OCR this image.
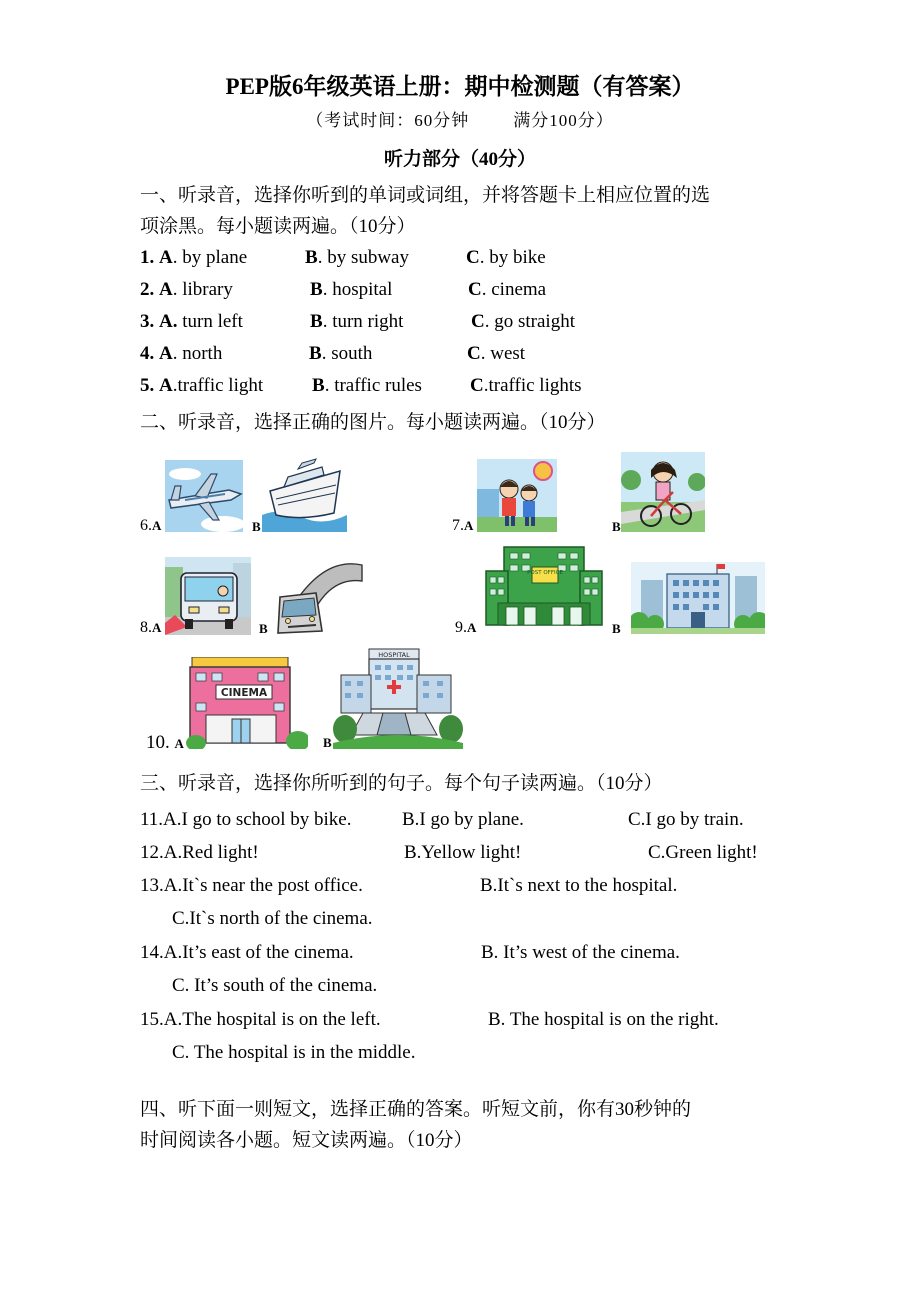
PEP版6年级英语上册：期中检测题（有答案）
（考试时间：60分钟	满分100分）
听力部分（40分）
一、听录音，选择你听到的单词或词组，并将答题卡上相应位置的选
项涂黑。每小题读两遍。（10分）
1. A. by plane	B. by subway	C. by bike
2. A. library	B. hospital	C. cinema
3. A. turn left	B. turn right	C. go straight
4. A. north	B. south	C. west
5. A.traffic light	B. traffic rules	C.traffic lights
二、听录音，选择正确的图片。每小题读两遍。（10分）
6.A	B	7.A	B
POST OFFICE
8.A	B	9.A	B
CINEMA
HOSPITAL
10. A	B
三、听录音，选择你所听到的句子。每个句子读两遍。（10分）
11.A.I go to school by bike.	B.I go by plane.	C.I go by train.
12.A.Red light!	B.Yellow light!	C.Green light!
13.A.It`s near the post office.	B.It`s next to the hospital.
C.It`s north of the cinema.
14.A.It’s east of the cinema.	B. It’s west of the cinema.
C. It’s south of the cinema.
15.A.The hospital is on the left.	B. The hospital is on the right.
C. The hospital is in the middle.
四、听下面一则短文，选择正确的答案。听短文前，你有30秒钟的
时间阅读各小题。短文读两遍。（10分）
